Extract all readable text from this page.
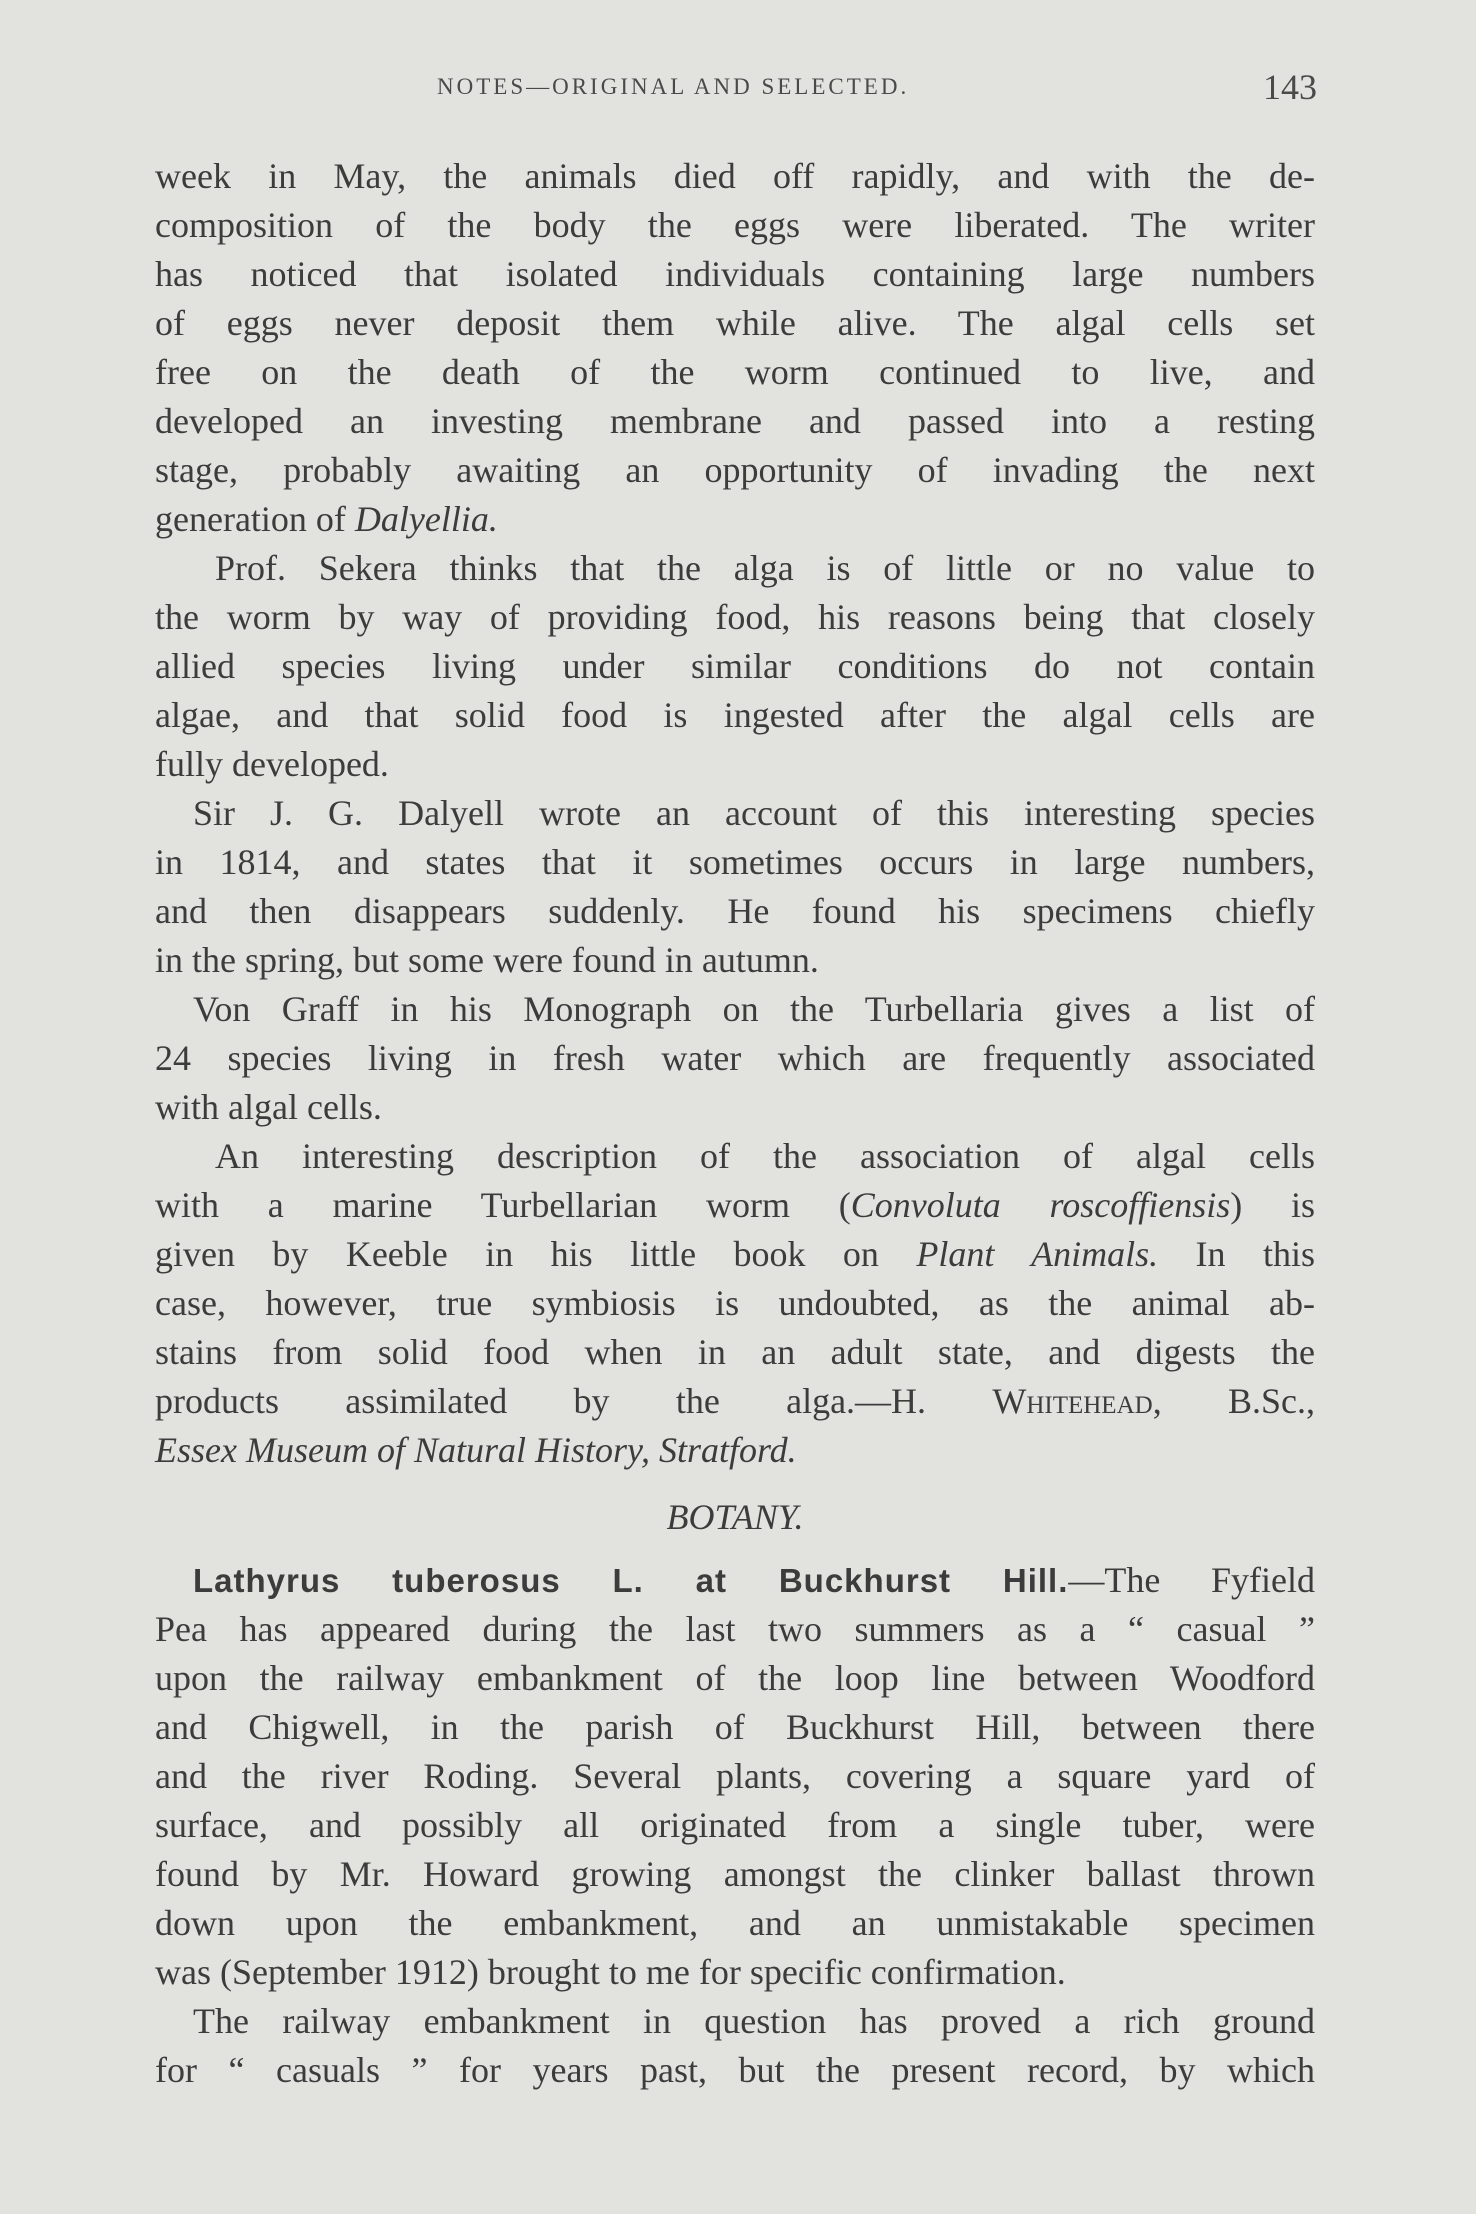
NOTES—ORIGINAL AND SELECTED.	143
week in May, the animals died off rapidly, and with the de-
composition of the body the eggs were liberated. The writer
has noticed that isolated individuals containing large numbers
of eggs never deposit them while alive. The algal cells set
free on the death of the worm continued to live, and
developed an investing membrane and passed into a resting
stage, probably awaiting an opportunity of invading the next
generation of Dalyellia.
Prof. Sekera thinks that the alga is of little or no value to
the worm by way of providing food, his reasons being that closely
allied species living under similar conditions do not contain
algae, and that solid food is ingested after the algal cells are
fully developed.
Sir J. G. Dalyell wrote an account of this interesting species
in 1814, and states that it sometimes occurs in large numbers,
and then disappears suddenly. He found his specimens chiefly
in the spring, but some were found in autumn.
Von Graff in his Monograph on the Turbellaria gives a list of
24 species living in fresh water which are frequently associated
with algal cells.
An interesting description of the association of algal cells
with a marine Turbellarian worm (Convoluta roscoffiensis) is
given by Keeble in his little book on Plant Animals. In this
case, however, true symbiosis is undoubted, as the animal ab-
stains from solid food when in an adult state, and digests the
products assimilated by the alga.—H. Whitehead, B.Sc.,
Essex Museum of Natural History, Stratford.
BOTANY.
Lathyrus tuberosus L. at Buckhurst Hill.—The Fyfield
Pea has appeared during the last two summers as a “ casual ”
upon the railway embankment of the loop line between Woodford
and Chigwell, in the parish of Buckhurst Hill, between there
and the river Roding. Several plants, covering a square yard of
surface, and possibly all originated from a single tuber, were
found by Mr. Howard growing amongst the clinker ballast thrown
down upon the embankment, and an unmistakable specimen
was (September 1912) brought to me for specific confirmation.
The railway embankment in question has proved a rich ground
for “ casuals ” for years past, but the present record, by which
